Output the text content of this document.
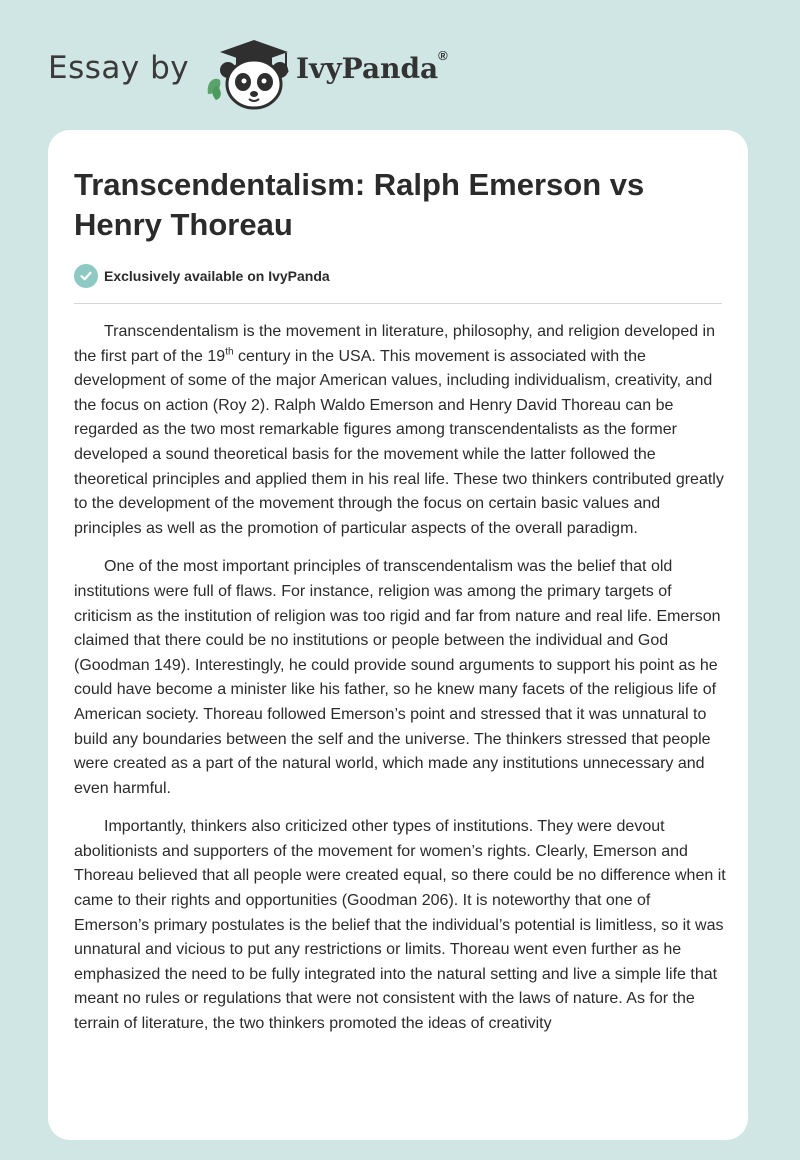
Essay by	IvyPanda®
Transcendentalism: Ralph Emerson vs Henry Thoreau
Exclusively available on IvyPanda

Transcendentalism is the movement in literature, philosophy, and religion developed in the first part of the 19th century in the USA. This movement is associated with the development of some of the major American values, including individualism, creativity, and the focus on action (Roy 2). Ralph Waldo Emerson and Henry David Thoreau can be regarded as the two most remarkable figures among transcendentalists as the former developed a sound theoretical basis for the movement while the latter followed the theoretical principles and applied them in his real life. These two thinkers contributed greatly to the development of the movement through the focus on certain basic values and principles as well as the promotion of particular aspects of the overall paradigm.

One of the most important principles of transcendentalism was the belief that old institutions were full of flaws. For instance, religion was among the primary targets of criticism as the institution of religion was too rigid and far from nature and real life. Emerson claimed that there could be no institutions or people between the individual and God (Goodman 149). Interestingly, he could provide sound arguments to support his point as he could have become a minister like his father, so he knew many facets of the religious life of American society. Thoreau followed Emerson’s point and stressed that it was unnatural to build any boundaries between the self and the universe. The thinkers stressed that people were created as a part of the natural world, which made any institutions unnecessary and even harmful.

Importantly, thinkers also criticized other types of institutions. They were devout abolitionists and supporters of the movement for women’s rights. Clearly, Emerson and Thoreau believed that all people were created equal, so there could be no difference when it came to their rights and opportunities (Goodman 206). It is noteworthy that one of Emerson’s primary postulates is the belief that the individual’s potential is limitless, so it was unnatural and vicious to put any restrictions or limits. Thoreau went even further as he emphasized the need to be fully integrated into the natural setting and live a simple life that meant no rules or regulations that were not consistent with the laws of nature. As for the terrain of literature, the two thinkers promoted the ideas of creativity
